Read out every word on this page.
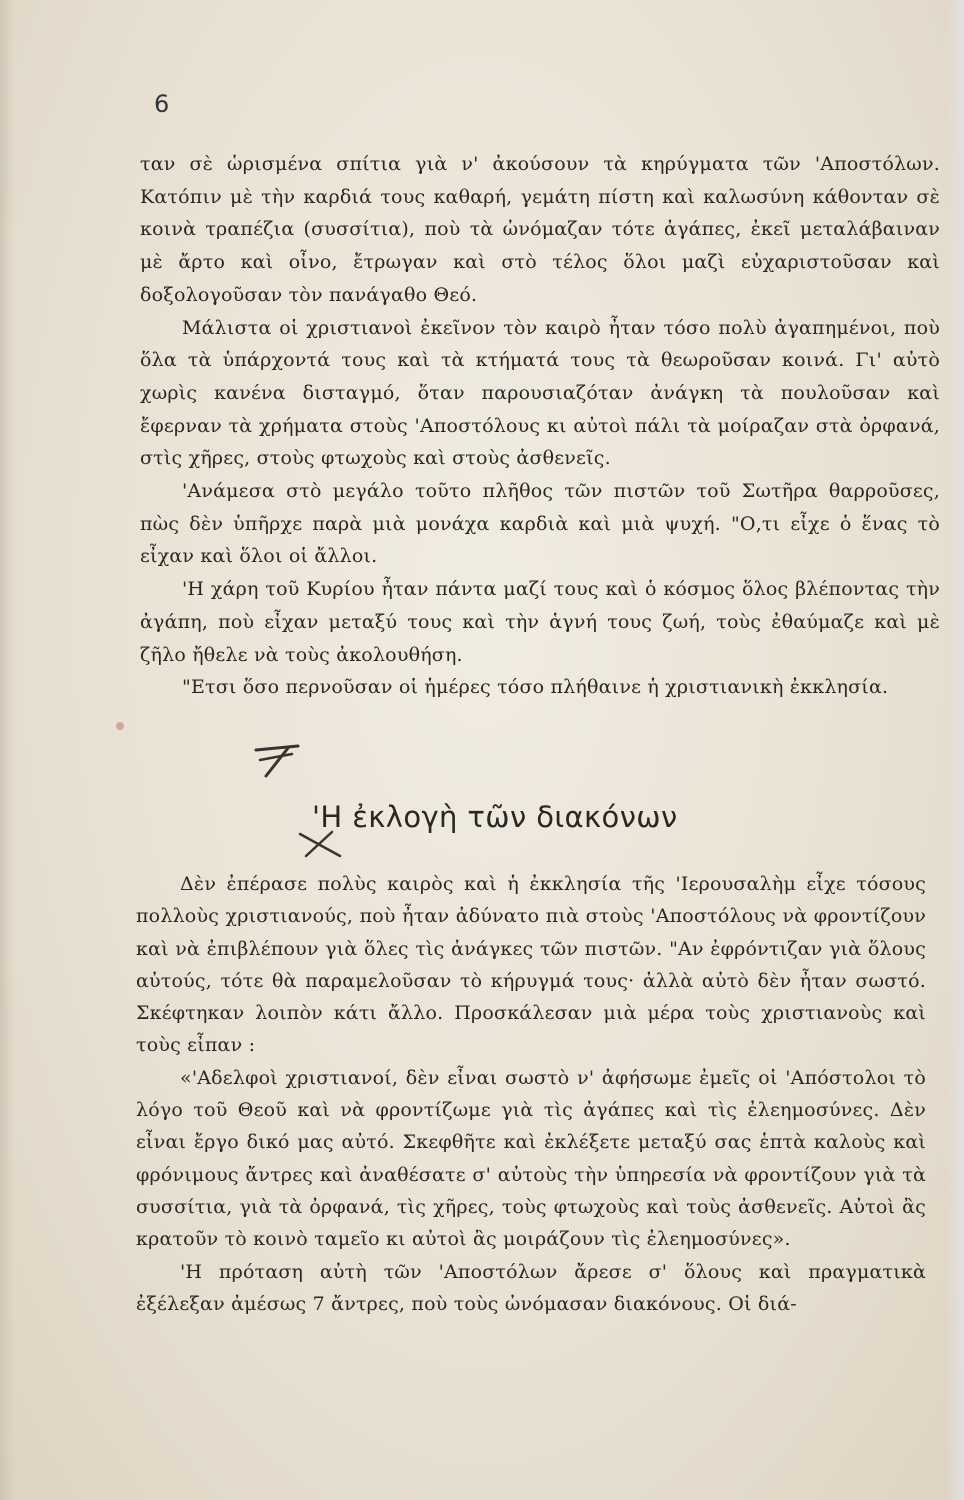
6

ταν σὲ ὡρισμένα σπίτια γιὰ ν' ἀκούσουν τὰ κηρύγματα τῶν 'Αποστόλων. Κατόπιν μὲ τὴν καρδιά τους καθαρή, γεμάτη πίστη καὶ καλωσύνη κάθονταν σὲ κοινὰ τραπέζια (συσσίτια), ποὺ τὰ ὠνόμαζαν τότε ἀγάπες, ἐκεῖ μεταλάβαιναν μὲ ἄρτο καὶ οἶνο, ἔτρωγαν καὶ στὸ τέλος ὅλοι μαζὶ εὐχαριστοῦσαν καὶ δοξολογοῦσαν τὸν πανάγαθο Θεό.

Μάλιστα οἱ χριστιανοὶ ἐκεῖνον τὸν καιρὸ ἦταν τόσο πολὺ ἀγαπημένοι, ποὺ ὅλα τὰ ὑπάρχοντά τους καὶ τὰ κτήματά τους τὰ θεωροῦσαν κοινά. Γι' αὐτὸ χωρὶς κανένα δισταγμό, ὅταν παρουσιαζόταν ἀνάγκη τὰ πουλοῦσαν καὶ ἔφερναν τὰ χρήματα στοὺς 'Αποστόλους κι αὐτοὶ πάλι τὰ μοίραζαν στὰ ὀρφανά, στὶς χῆρες, στοὺς φτωχοὺς καὶ στοὺς ἀσθενεῖς.

'Ανάμεσα στὸ μεγάλο τοῦτο πλῆθος τῶν πιστῶν τοῦ Σωτῆρα θαρροῦσες, πὼς δὲν ὑπῆρχε παρὰ μιὰ μονάχα καρδιὰ καὶ μιὰ ψυχή. "Ο,τι εἶχε ὁ ἕνας τὸ εἶχαν καὶ ὅλοι οἱ ἄλλοι.

'Η χάρη τοῦ Κυρίου ἦταν πάντα μαζί τους καὶ ὁ κόσμος ὅλος βλέποντας τὴν ἀγάπη, ποὺ εἶχαν μεταξύ τους καὶ τὴν ἁγνή τους ζωή, τοὺς ἐθαύμαζε καὶ μὲ ζῆλο ἤθελε νὰ τοὺς ἀκολουθήση.

"Ετσι ὅσο περνοῦσαν οἱ ἡμέρες τόσο πλήθαινε ἡ χριστιανικὴ ἐκκλησία.

'Η ἐκλογὴ τῶν διακόνων

Δὲν ἐπέρασε πολὺς καιρὸς καὶ ἡ ἐκκλησία τῆς 'Ιερουσαλὴμ εἶχε τόσους πολλοὺς χριστιανούς, ποὺ ἦταν ἀδύνατο πιὰ στοὺς 'Αποστόλους νὰ φροντίζουν καὶ νὰ ἐπιβλέπουν γιὰ ὅλες τὶς ἀνάγκες τῶν πιστῶν. "Αν ἐφρόντιζαν γιὰ ὅλους αὐτούς, τότε θὰ παραμελοῦσαν τὸ κήρυγμά τους· ἀλλὰ αὐτὸ δὲν ἦταν σωστό. Σκέφτηκαν λοιπὸν κάτι ἄλλο. Προσκάλεσαν μιὰ μέρα τοὺς χριστιανοὺς καὶ τοὺς εἶπαν :

«'Αδελφοὶ χριστιανοί, δὲν εἶναι σωστὸ ν' ἀφήσωμε ἐμεῖς οἱ 'Απόστολοι τὸ λόγο τοῦ Θεοῦ καὶ νὰ φροντίζωμε γιὰ τὶς ἀγάπες καὶ τὶς ἐλεημοσύνες. Δὲν εἶναι ἔργο δικό μας αὐτό. Σκεφθῆτε καὶ ἐκλέξετε μεταξύ σας ἑπτὰ καλοὺς καὶ φρόνιμους ἄντρες καὶ ἀναθέσατε σ' αὐτοὺς τὴν ὑπηρεσία νὰ φροντίζουν γιὰ τὰ συσσίτια, γιὰ τὰ ὀρφανά, τὶς χῆρες, τοὺς φτωχοὺς καὶ τοὺς ἀσθενεῖς. Αὐτοὶ ἂς κρατοῦν τὸ κοινὸ ταμεῖο κι αὐτοὶ ἂς μοιράζουν τὶς ἐλεημοσύνες».

'Η πρόταση αὐτὴ τῶν 'Αποστόλων ἄρεσε σ' ὅλους καὶ πραγματικὰ ἐξέλεξαν ἀμέσως 7 ἄντρες, ποὺ τοὺς ὠνόμασαν διακόνους. Οἱ διά-
